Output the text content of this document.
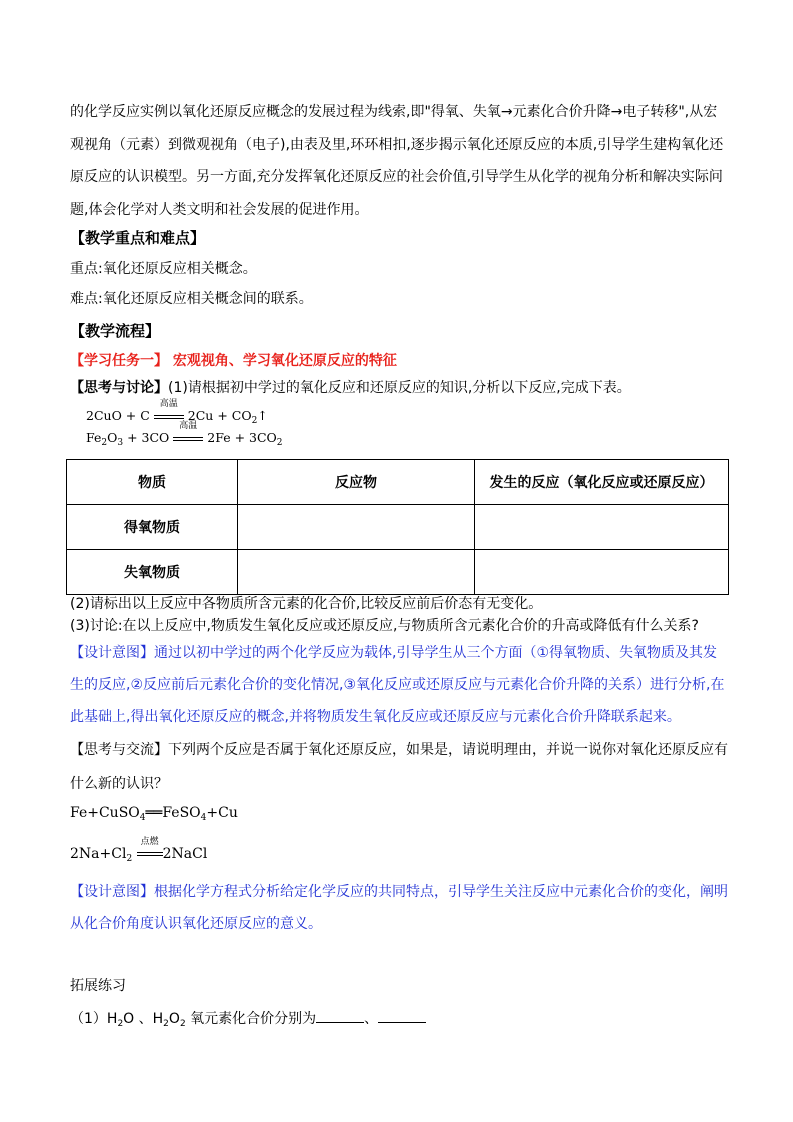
的化学反应实例以氧化还原反应概念的发展过程为线索,即"得氧、失氧→元素化合价升降→电子转移",从宏观视角（元素）到微观视角（电子),由表及里,环环相扣,逐步揭示氧化还原反应的本质,引导学生建构氧化还原反应的认识模型。另一方面,充分发挥氧化还原反应的社会价值,引导学生从化学的视角分析和解决实际问题,体会化学对人类文明和社会发展的促进作用。

【教学重点和难点】

重点:氧化还原反应相关概念。

难点:氧化还原反应相关概念间的联系。

【教学流程】

【学习任务一】 宏观视角、学习氧化还原反应的特征

【思考与讨论】(1)请根据初中学过的氧化反应和还原反应的知识,分析以下反应,完成下表。

2CuO + C
高温
$2Cu + CO_2↑$
$Fe_2O_3 + 3CO$
高温
$2Fe + 3CO_2$
物质	反应物	发生的反应（氧化反应或还原反应）
得氧物质		
失氧物质		

(2)请标出以上反应中各物质所含元素的化合价,比较反应前后价态有无变化。

(3)讨论:在以上反应中,物质发生氧化反应或还原反应,与物质所含元素化合价的升高或降低有什么关系?

【设计意图】通过以初中学过的两个化学反应为载体,引导学生从三个方面（①得氧物质、失氧物质及其发生的反应,②反应前后元素化合价的变化情况,③氧化反应或还原反应与元素化合价升降的关系）进行分析,在此基础上,得出氧化还原反应的概念,并将物质发生氧化反应或还原反应与元素化合价升降联系起来。

【思考与交流】下列两个反应是否属于氧化还原反应，如果是，请说明理由，并说一说你对氧化还原反应有什么新的认识？

Fe+CuSO$_4$══FeSO$_4$+Cu
$2Na+Cl_2$
点燃
2NaCl

【设计意图】根据化学方程式分析给定化学反应的共同特点，引导学生关注反应中元素化合价的变化，阐明从化合价角度认识氧化还原反应的意义。

拓展练习

$(1)H_2O$ 、$H_2O_2$ 氧元素化合价分别为	、
